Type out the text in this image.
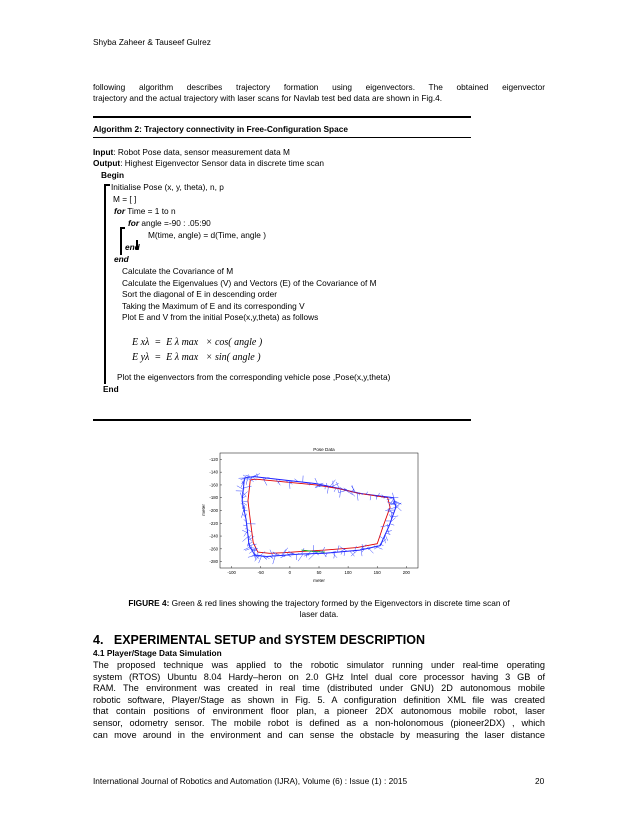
Shyba Zaheer & Tauseef Gulrez
following algorithm describes trajectory formation using eigenvectors. The obtained eigenvector
trajectory and the actual trajectory with laser scans for Navlab test bed data are shown in Fig.4.
Algorithm 2: Trajectory connectivity in Free-Configuration Space
Input: Robot Pose data, sensor measurement data M
Output: Highest Eigenvector Sensor data in discrete time scan
Begin
Initialise Pose (x, y, theta), n, p
M = [ ]
for Time = 1 to n
for angle =-90 : .05:90
M(time, angle) = d(Time, angle )
end
end
Calculate the Covariance of M
Calculate the Eigenvalues (V) and Vectors (E) of the Covariance of M
Sort the diagonal of E in descending order
Taking the Maximum of E and its corresponding V
Plot E and V from the initial Pose(x,y,theta) as follows
E xλ  =  E λ max   × cos( angle )
E yλ  =  E λ max   × sin( angle )
Plot the eigenvectors from the corresponding vehicle pose ,Pose(x,y,theta)
End
Pose Data
-100	-50	0	50	100	150	200
-120
-140
-160
-180
-200
-220
-240
-260
-280
meter
meter
FIGURE 4: Green & red lines showing the trajectory formed by the Eigenvectors in discrete time scan of
laser data.
4. EXPERIMENTAL SETUP and SYSTEM DESCRIPTION
4.1 Player/Stage Data Simulation
The proposed technique was applied to the robotic simulator running under real-time operating
system (RTOS) Ubuntu 8.04 Hardy–heron on 2.0 GHz Intel dual core processor having 3 GB of
RAM. The environment was created in real time (distributed under GNU) 2D autonomous mobile
robotic software, Player/Stage as shown in Fig. 5. A configuration definition XML file was created
that contain positions of environment floor plan, a pioneer 2DX autonomous mobile robot, laser
sensor, odometry sensor. The mobile robot is defined as a non-holonomous (pioneer2DX) , which
can move around in the environment and can sense the obstacle by measuring the laser distance
International Journal of Robotics and Automation (IJRA), Volume (6) : Issue (1) : 2015	20
